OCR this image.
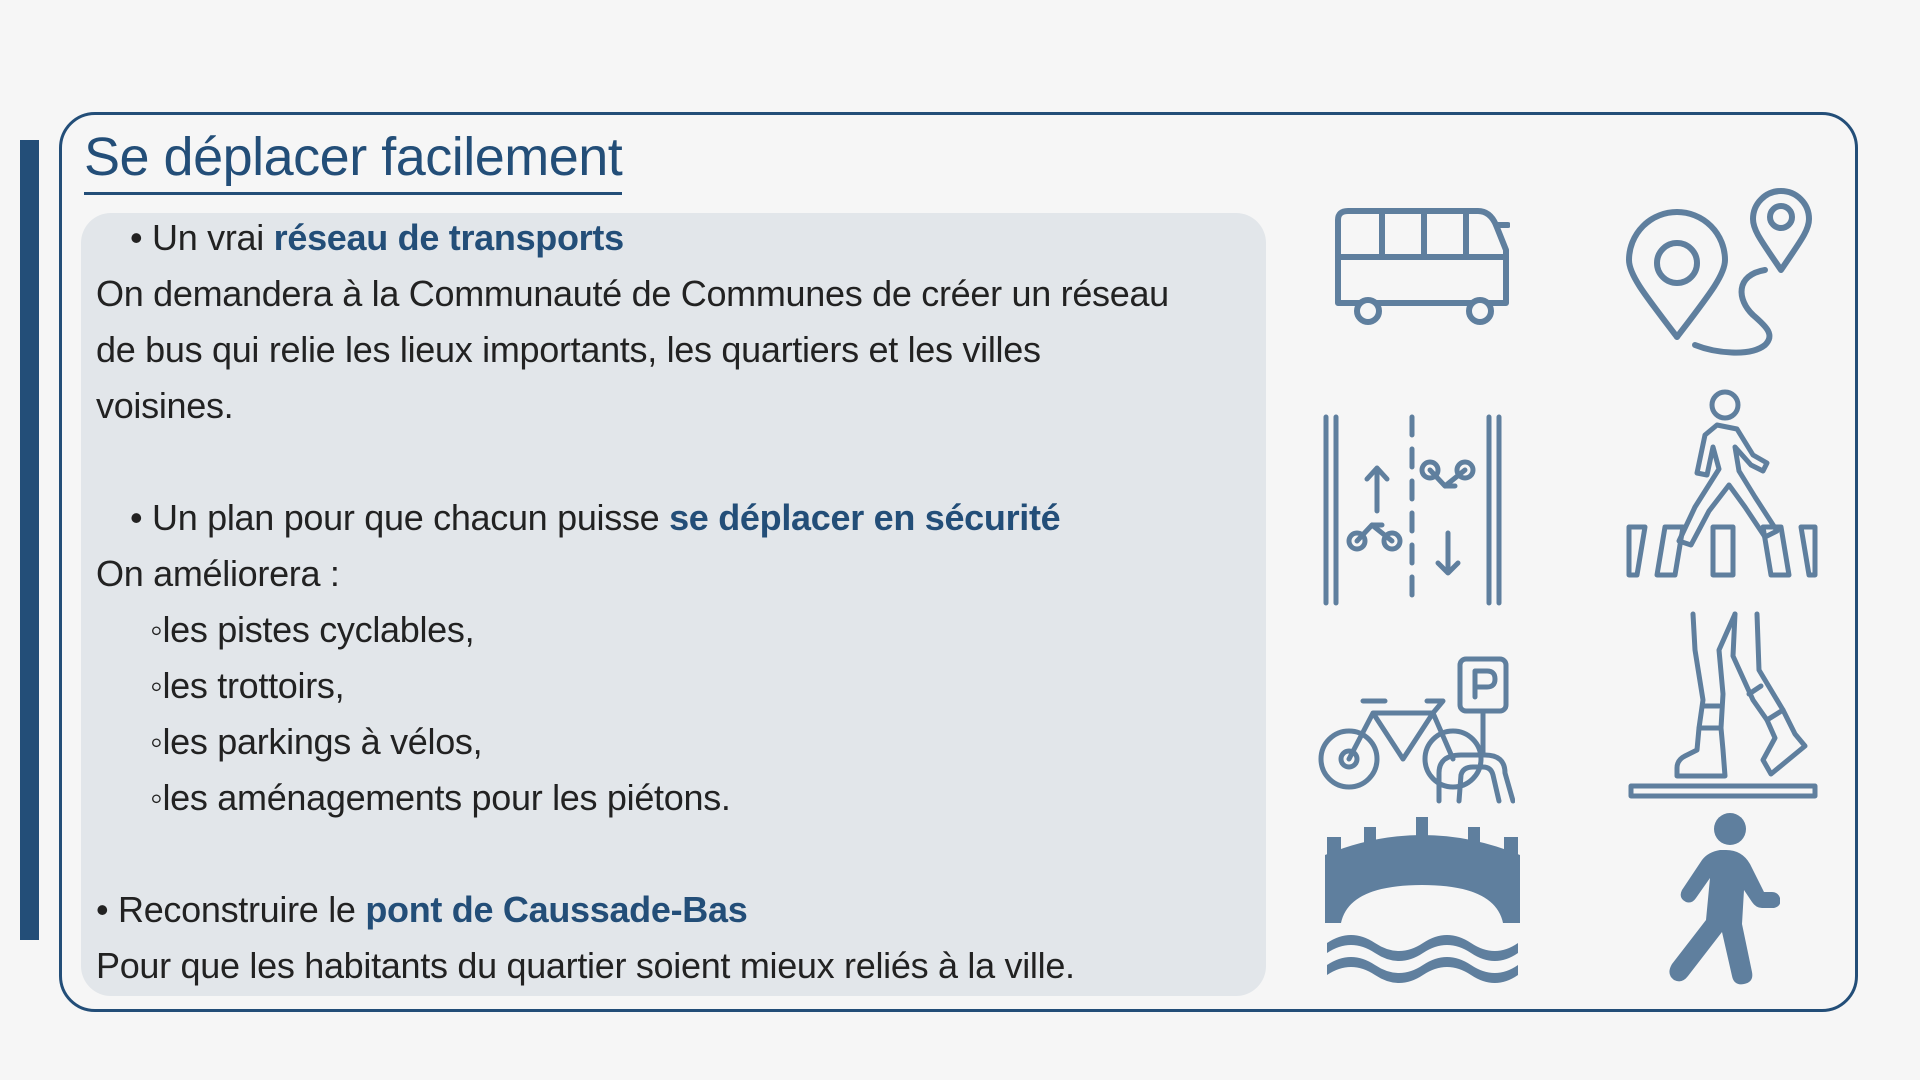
Se déplacer facilement

• Un vrai réseau de transports

On demandera à la Communauté de Communes de créer un réseau

de bus qui relie les lieux importants, les quartiers et les villes

voisines.

• Un plan pour que chacun puisse se déplacer en sécurité

On améliorera :

◦les pistes cyclables,

◦les trottoirs,

◦les parkings à vélos,

◦les aménagements pour les piétons.

• Reconstruire le pont de Caussade-Bas

Pour que les habitants du quartier soient mieux reliés à la ville.
